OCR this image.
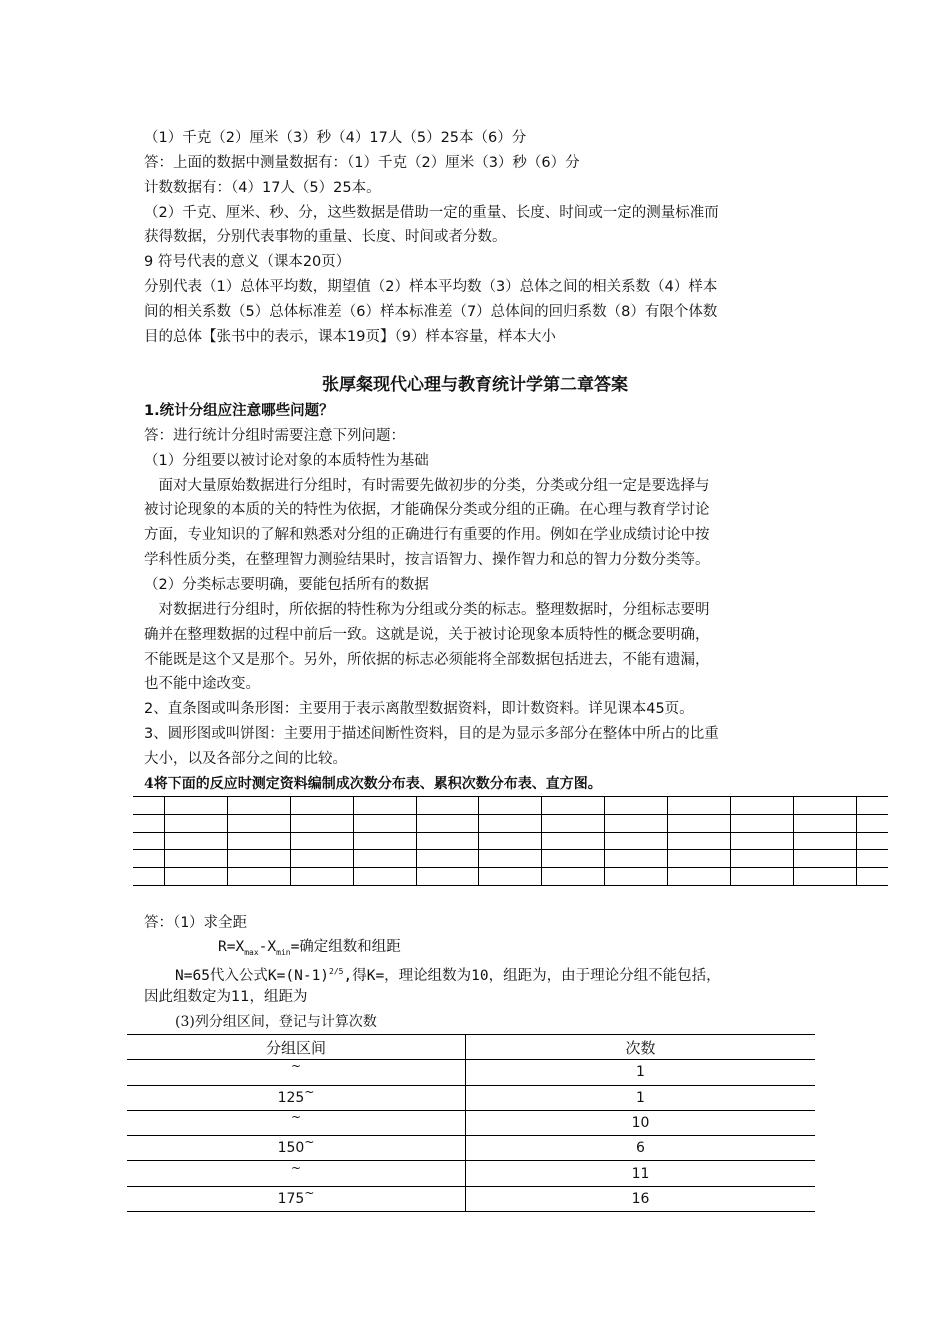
（1）千克（2）厘米（3）秒（4）17人（5）25本（6）分
答：上面的数据中测量数据有：（1）千克（2）厘米（3）秒（6）分
计数数据有：（4）17人（5）25本。
（2）千克、厘米、秒、分，这些数据是借助一定的重量、长度、时间或一定的测量标准而
获得数据，分别代表事物的重量、长度、时间或者分数。
9 符号代表的意义（课本20页）
分别代表（1）总体平均数，期望值（2）样本平均数（3）总体之间的相关系数（4）样本
间的相关系数（5）总体标准差（6）样本标准差（7）总体间的回归系数（8）有限个体数
目的总体【张书中的表示，课本19页】（9）样本容量，样本大小
张厚粲现代心理与教育统计学第二章答案
1.统计分组应注意哪些问题？
答：进行统计分组时需要注意下列问题：
（1）分组要以被讨论对象的本质特性为基础
　面对大量原始数据进行分组时，有时需要先做初步的分类，分类或分组一定是要选择与
被讨论现象的本质的关的特性为依据，才能确保分类或分组的正确。在心理与教育学讨论
方面，专业知识的了解和熟悉对分组的正确进行有重要的作用。例如在学业成绩讨论中按
学科性质分类，在整理智力测验结果时，按言语智力、操作智力和总的智力分数分类等。
（2）分类标志要明确，要能包括所有的数据
　对数据进行分组时，所依据的特性称为分组或分类的标志。整理数据时，分组标志要明
确并在整理数据的过程中前后一致。这就是说，关于被讨论现象本质特性的概念要明确，
不能既是这个又是那个。另外，所依据的标志必须能将全部数据包括进去，不能有遗漏，
也不能中途改变。
2、直条图或叫条形图：主要用于表示离散型数据资料，即计数资料。详见课本45页。
3、圆形图或叫饼图：主要用于描述间断性资料，目的是为显示多部分在整体中所占的比重
大小，以及各部分之间的比较。
4将下面的反应时测定资料编制成次数分布表、累积次数分布表、直方图。

答：（1）求全距
$R=X_{max}-X_{min}=$确定组数和组距
N=65代入公式$K=(N-1)^{2/5}$,得K=，理论组数为10，组距为，由于理论分组不能包括，
因此组数定为11，组距为
(3)列分组区间，登记与计算次数
分组区间	次数
~	1
125~	1
~	10
150~	6
~	11
175~	16
